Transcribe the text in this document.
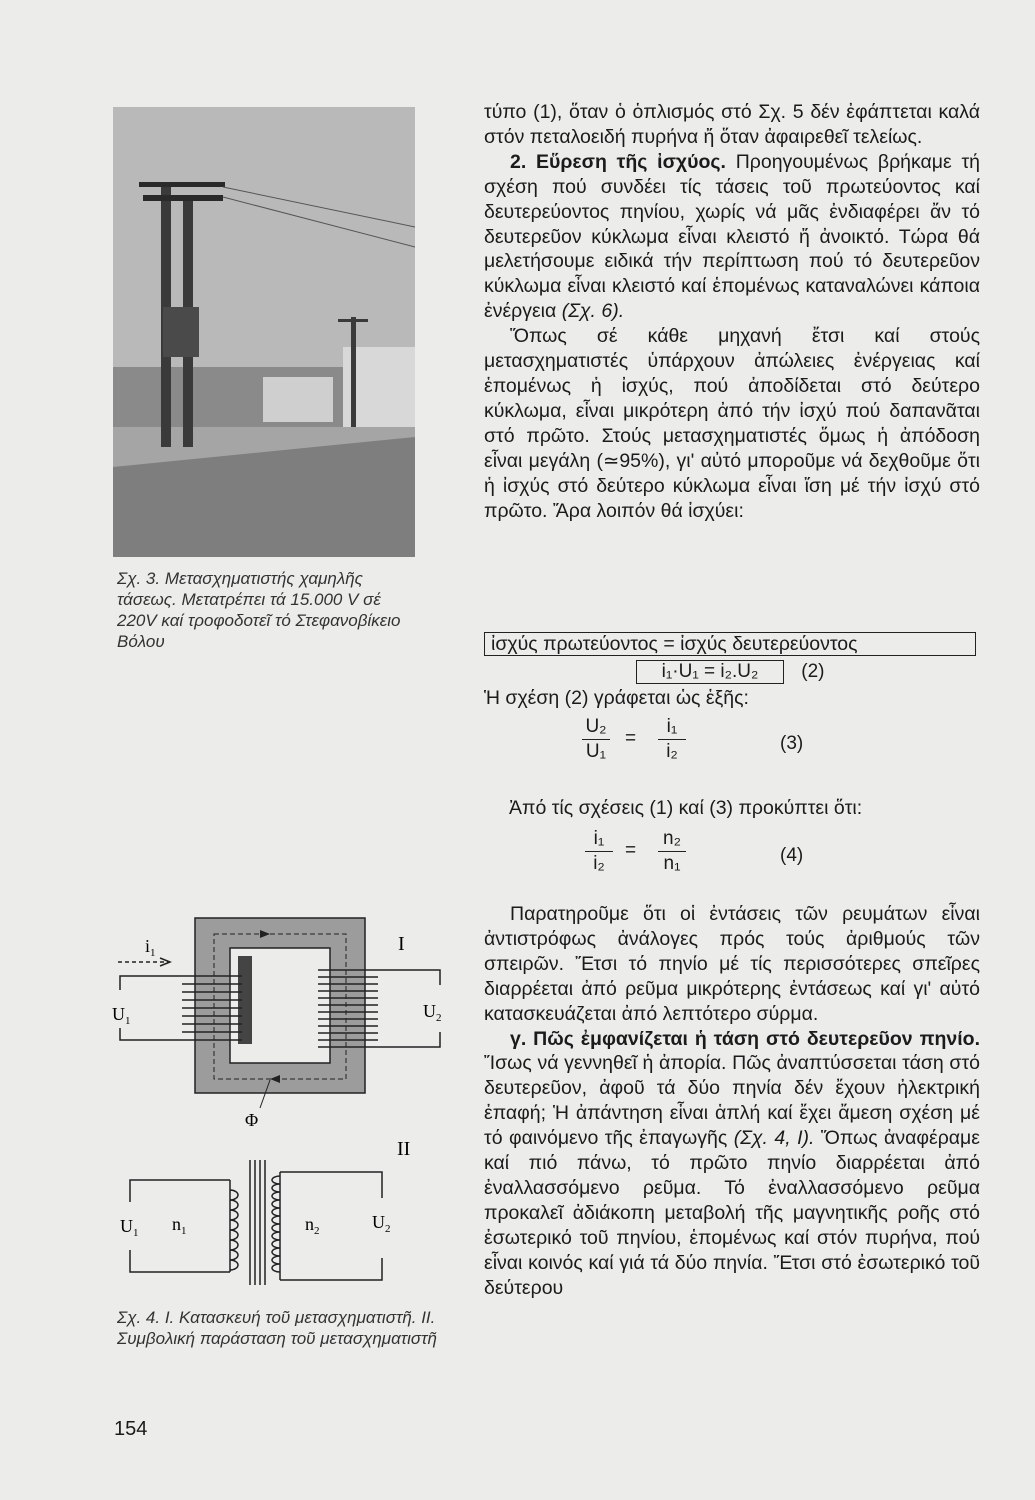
Σχ. 3. Μετασχηματιστής χαμηλῆς τάσεως. Μετατρέπει τά 15.000 V σέ 220V καί τροφοδοτεῖ τό Στεφανοβίκειο Βόλου
$i_1$
$U_1$	$U_2$
Φ
I
II
$U_1$ $n_1$	$n_2$	$U_2$
Σχ. 4. Ι. Κατασκευή τοῦ μετασχηματιστῆ. ΙΙ. Συμβολική παράσταση τοῦ μετασχηματιστῆ
154

τύπο (1), ὅταν ὁ ὁπλισμός στό Σχ. 5 δέν ἐφάπτεται καλά στόν πεταλοειδή πυρήνα ἤ ὅταν ἀφαιρεθεῖ τελείως.

2. Εὕρεση τῆς ἰσχύος. Προηγουμένως βρήκαμε τή σχέση πού συνδέει τίς τάσεις τοῦ πρωτεύοντος καί δευτερεύοντος πηνίου, χωρίς νά μᾶς ἐνδιαφέρει ἄν τό δευτερεῦον κύκλωμα εἶναι κλειστό ἤ ἀνοικτό. Τώρα θά μελετήσουμε ειδικά τήν περίπτωση πού τό δευτερεῦον κύκλωμα εἶναι κλειστό καί ἑπομένως καταναλώνει κάποια ἐνέργεια (Σχ. 6).

Ὅπως σέ κάθε μηχανή ἔτσι καί στούς μετασχηματιστές ὑπάρχουν ἀπώλειες ἐνέργειας καί ἑπομένως ἡ ἰσχύς, πού ἀποδίδεται στό δεύτερο κύκλωμα, εἶναι μικρότερη ἀπό τήν ἰσχύ πού δαπανᾶται στό πρῶτο. Στούς μετασχηματιστές ὅμως ἡ ἀπόδοση εἶναι μεγάλη (≃95%), γι' αὐτό μποροῦμε νά δεχθοῦμε ὅτι ἡ ἰσχύς στό δεύτερο κύκλωμα εἶναι ἴση μέ τήν ἰσχύ στό πρῶτο. Ἄρα λοιπόν θά ἰσχύει:

ἰσχύς πρωτεύοντος = ἰσχύς δευτερεύοντος
i₁·U₁ = i₂.U₂ (2)

Ἡ σχέση (2) γράφεται ὡς ἑξῆς:

U₂
U₁
=
i₁
i₂	(3)

Ἀπό τίς σχέσεις (1) καί (3) προκύπτει ὅτι:

i₁
i₂
=
n₂
n₁	(4)

Παρατηροῦμε ὅτι οἱ ἐντάσεις τῶν ρευμάτων εἶναι ἀντιστρόφως ἀνάλογες πρός τούς ἀριθμούς τῶν σπειρῶν. Ἔτσι τό πηνίο μέ τίς περισσότερες σπεῖρες διαρρέεται ἀπό ρεῦμα μικρότερης ἐντάσεως καί γι' αὐτό κατασκευάζεται ἀπό λεπτότερο σύρμα.

γ. Πῶς ἐμφανίζεται ἡ τάση στό δευτερεῦον πηνίο. Ἴσως νά γεννηθεῖ ἡ ἀπορία. Πῶς ἀναπτύσσεται τάση στό δευτερεῦον, ἀφοῦ τά δύο πηνία δέν ἔχουν ἠλεκτρική ἐπαφή; Ἡ ἀπάντηση εἶναι ἁπλή καί ἔχει ἄμεση σχέση μέ τό φαινόμενο τῆς ἐπαγωγῆς (Σχ. 4, Ι). Ὅπως ἀναφέραμε καί πιό πάνω, τό πρῶτο πηνίο διαρρέεται ἀπό ἐναλλασσόμενο ρεῦμα. Τό ἐναλλασσόμενο ρεῦμα προκαλεῖ ἀδιάκοπη μεταβολή τῆς μαγνητικῆς ροῆς στό ἐσωτερικό τοῦ πηνίου, ἑπομένως καί στόν πυρήνα, πού εἶναι κοινός καί γιά τά δύο πηνία. Ἔτσι στό ἐσωτερικό τοῦ δεύτερου
